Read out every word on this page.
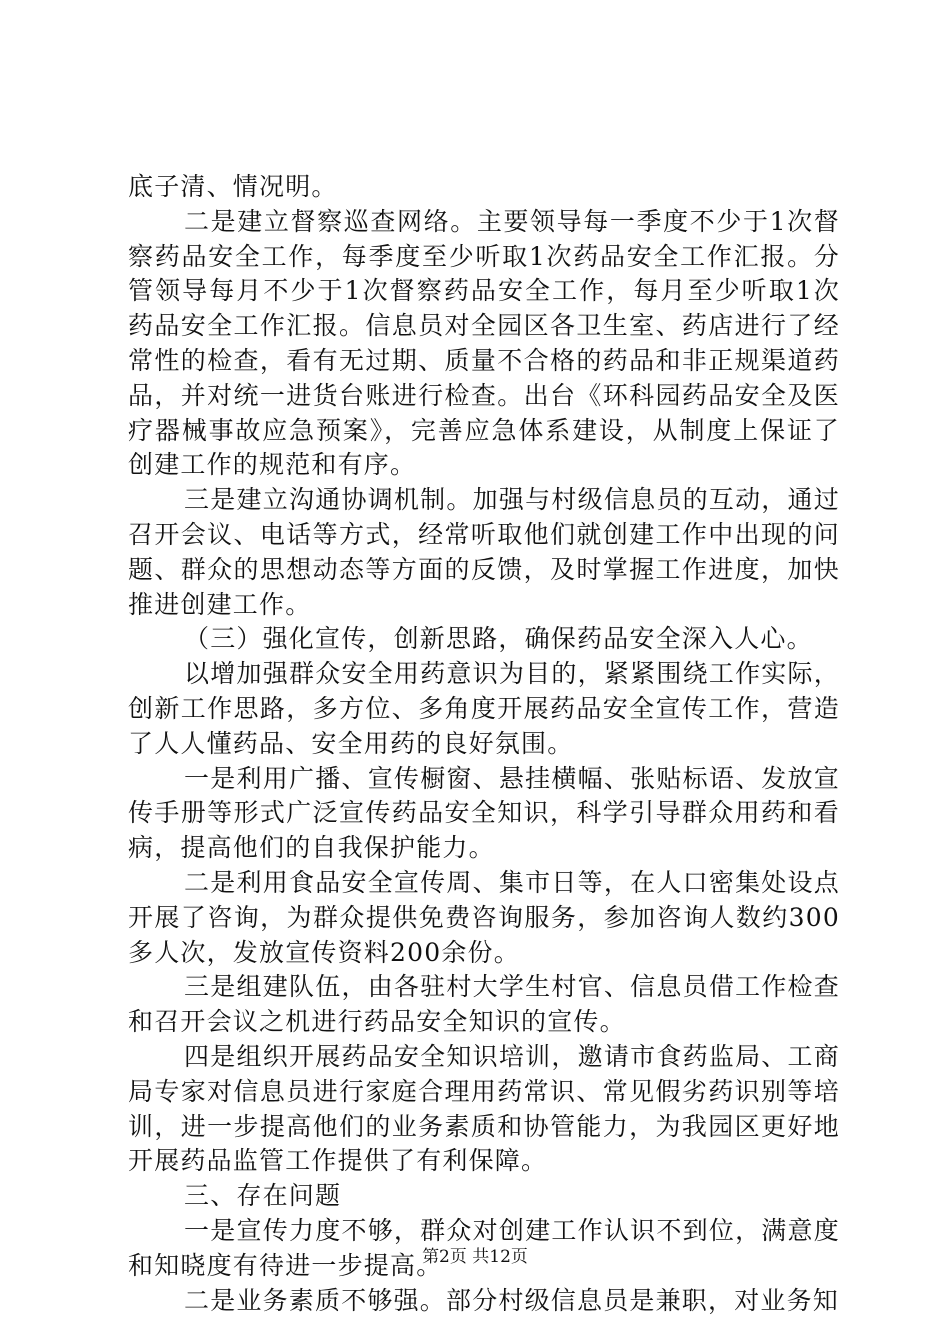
底子清、情况明。

二是建立督察巡查网络。主要领导每一季度不少于1次督察药品安全工作，每季度至少听取1次药品安全工作汇报。分管领导每月不少于1次督察药品安全工作，每月至少听取1次药品安全工作汇报。信息员对全园区各卫生室、药店进行了经常性的检查，看有无过期、质量不合格的药品和非正规渠道药品，并对统一进货台账进行检查。出台《环科园药品安全及医疗器械事故应急预案》，完善应急体系建设，从制度上保证了创建工作的规范和有序。

三是建立沟通协调机制。加强与村级信息员的互动，通过召开会议、电话等方式，经常听取他们就创建工作中出现的问题、群众的思想动态等方面的反馈，及时掌握工作进度，加快推进创建工作。

（三）强化宣传，创新思路，确保药品安全深入人心。

以增加强群众安全用药意识为目的，紧紧围绕工作实际，创新工作思路，多方位、多角度开展药品安全宣传工作，营造了人人懂药品、安全用药的良好氛围。

一是利用广播、宣传橱窗、悬挂横幅、张贴标语、发放宣传手册等形式广泛宣传药品安全知识，科学引导群众用药和看病，提高他们的自我保护能力。

二是利用食品安全宣传周、集市日等，在人口密集处设点开展了咨询，为群众提供免费咨询服务，参加咨询人数约300多人次，发放宣传资料200余份。

三是组建队伍，由各驻村大学生村官、信息员借工作检查和召开会议之机进行药品安全知识的宣传。

四是组织开展药品安全知识培训，邀请市食药监局、工商局专家对信息员进行家庭合理用药常识、常见假劣药识别等培训，进一步提高他们的业务素质和协管能力，为我园区更好地开展药品监管工作提供了有利保障。

三、存在问题

一是宣传力度不够，群众对创建工作认识不到位，满意度和知晓度有待进一步提高。

二是业务素质不够强。部分村级信息员是兼职，对业务知

第2页 共12页
